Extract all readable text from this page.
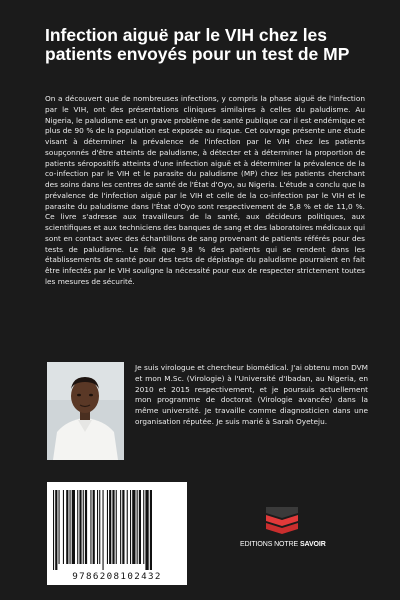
Infection aiguë par le VIH chez les patients envoyés pour un test de MP

On a découvert que de nombreuses infections, y compris la phase aiguë de l'infection par le VIH, ont des présentations cliniques similaires à celles du paludisme. Au Nigeria, le paludisme est un grave problème de santé publique car il est endémique et plus de 90 % de la population est exposée au risque. Cet ouvrage présente une étude visant à déterminer la prévalence de l'infection par le VIH chez les patients soupçonnés d'être atteints de paludisme, à détecter et à déterminer la proportion de patients séropositifs atteints d'une infection aiguë et à déterminer la prévalence de la co-infection par le VIH et le parasite du paludisme (MP) chez les patients cherchant des soins dans les centres de santé de l'État d'Oyo, au Nigeria. L'étude a conclu que la prévalence de l'infection aiguë par le VIH et celle de la co-infection par le VIH et le parasite du paludisme dans l'État d'Oyo sont respectivement de 5,8 % et de 11,0 %. Ce livre s'adresse aux travailleurs de la santé, aux décideurs politiques, aux scientifiques et aux techniciens des banques de sang et des laboratoires médicaux qui sont en contact avec des échantillons de sang provenant de patients référés pour des tests de paludisme. Le fait que 9,8 % des patients qui se rendent dans les établissements de santé pour des tests de dépistage du paludisme pourraient en fait être infectés par le VIH souligne la nécessité pour eux de respecter strictement toutes les mesures de sécurité.

Je suis virologue et chercheur biomédical. J'ai obtenu mon DVM et mon M.Sc. (Virologie) à l'Université d'Ibadan, au Nigeria, en 2010 et 2015 respectivement, et je poursuis actuellement mon programme de doctorat (Virologie avancée) dans la même université. Je travaille comme diagnosticien dans une organisation réputée. Je suis marié à Sarah Oyeteju.

9786208102432
EDITIONS NOTRE SAVOIR
